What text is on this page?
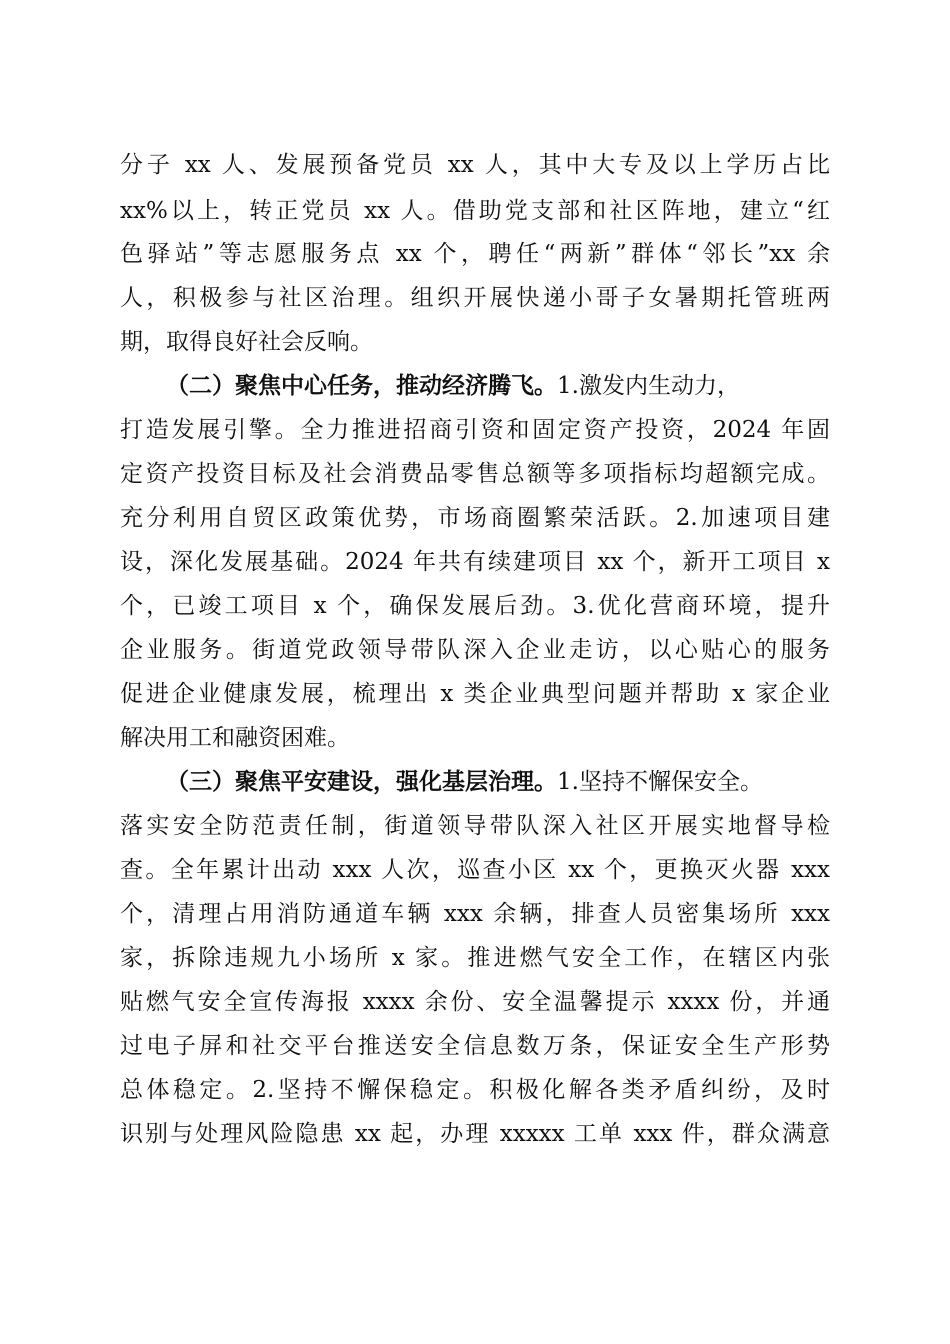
分子 xx 人、发展预备党员 xx 人，其中大专及以上学历占比
xx%以上，转正党员 xx 人。借助党支部和社区阵地，建立“红
色驿站”等志愿服务点 xx 个，聘任“两新”群体“邻长”xx 余
人，积极参与社区治理。组织开展快递小哥子女暑期托管班两
期，取得良好社会反响。
（二）聚焦中心任务，推动经济腾飞。1.激发内生动力，
打造发展引擎。全力推进招商引资和固定资产投资，2024 年固
定资产投资目标及社会消费品零售总额等多项指标均超额完成。
充分利用自贸区政策优势，市场商圈繁荣活跃。2.加速项目建
设，深化发展基础。2024 年共有续建项目 xx 个，新开工项目 x
个，已竣工项目 x 个，确保发展后劲。3.优化营商环境，提升
企业服务。街道党政领导带队深入企业走访，以心贴心的服务
促进企业健康发展，梳理出 x 类企业典型问题并帮助 x 家企业
解决用工和融资困难。
（三）聚焦平安建设，强化基层治理。1.坚持不懈保安全。
落实安全防范责任制，街道领导带队深入社区开展实地督导检
查。全年累计出动 xxx 人次，巡查小区 xx 个，更换灭火器 xxx
个，清理占用消防通道车辆 xxx 余辆，排查人员密集场所 xxx
家，拆除违规九小场所 x 家。推进燃气安全工作，在辖区内张
贴燃气安全宣传海报 xxxx 余份、安全温馨提示 xxxx 份，并通
过电子屏和社交平台推送安全信息数万条，保证安全生产形势
总体稳定。2.坚持不懈保稳定。积极化解各类矛盾纠纷，及时
识别与处理风险隐患 xx 起，办理 xxxxx 工单 xxx 件，群众满意
